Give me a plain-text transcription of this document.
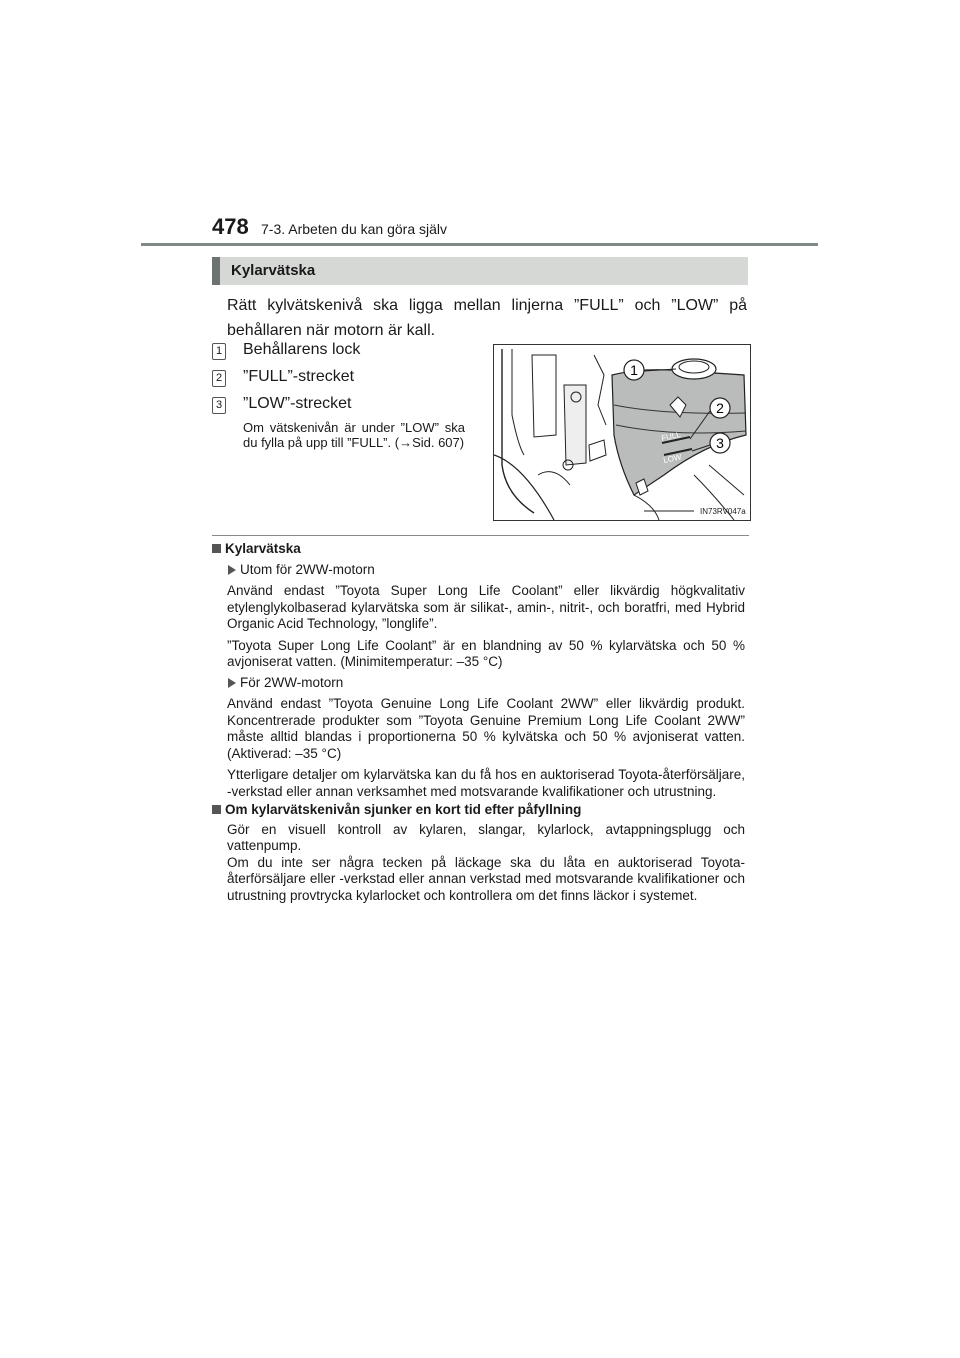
478 7-3. Arbeten du kan göra själv
Kylarvätska
Rätt kylvätskenivå ska ligga mellan linjerna ”FULL” och ”LOW” på behållaren när motorn är kall.
1 Behållarens lock
2 ”FULL”-strecket
3 ”LOW”-strecket
Om vätskenivån är under ”LOW” ska du fylla på upp till ”FULL”. (→Sid. 607)	FULL
LOW
1
2
3
IN73RV047a
Kylarvätska
Utom för 2WW-motorn

Använd endast ”Toyota Super Long Life Coolant” eller likvärdig högkvalitativ etylenglykolbaserad kylarvätska som är silikat-, amin-, nitrit-, och boratfri, med Hybrid Organic Acid Technology, ”longlife”.

”Toyota Super Long Life Coolant” är en blandning av 50 % kylarvätska och 50 % avjoniserat vatten. (Minimitemperatur: –35 °C)

För 2WW-motorn

Använd endast ”Toyota Genuine Long Life Coolant 2WW” eller likvärdig produkt. Koncentrerade produkter som ”Toyota Genuine Premium Long Life Coolant 2WW” måste alltid blandas i proportionerna 50 % kylvätska och 50 % avjoniserat vatten. (Aktiverad: –35 °C)

Ytterligare detaljer om kylarvätska kan du få hos en auktoriserad Toyota-återförsäljare, -verkstad eller annan verksamhet med motsvarande kvalifikationer och utrustning.

Om kylarvätskenivån sjunker en kort tid efter påfyllning

Gör en visuell kontroll av kylaren, slangar, kylarlock, avtappningsplugg och vattenpump.

Om du inte ser några tecken på läckage ska du låta en auktoriserad Toyota-återförsäljare eller -verkstad eller annan verkstad med motsvarande kvalifikationer och utrustning provtrycka kylarlocket och kontrollera om det finns läckor i systemet.
